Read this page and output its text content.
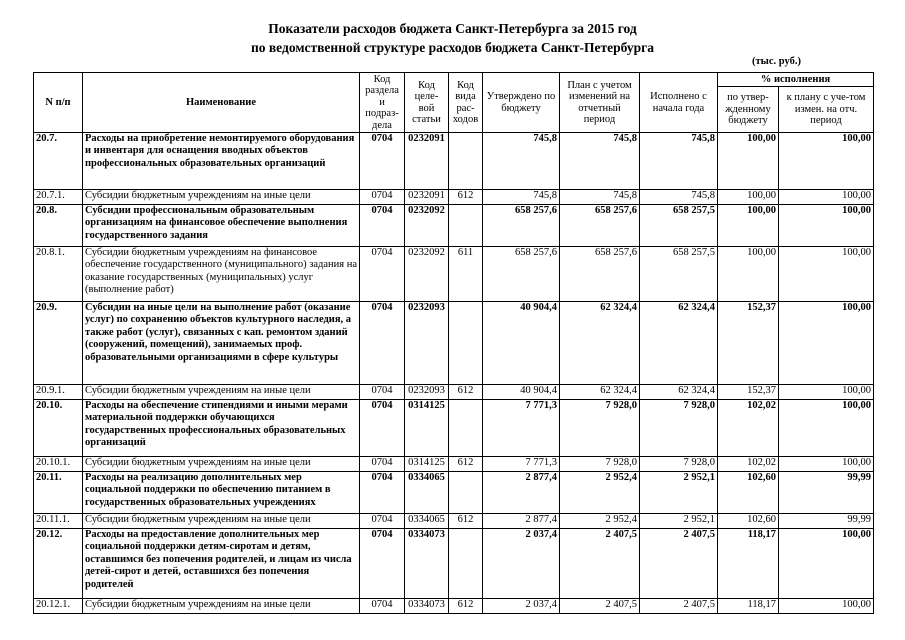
Показатели расходов бюджета Санкт-Петербурга за 2015 год
по ведомственной структуре расходов бюджета Санкт-Петербурга
(тыс. руб.)
N п/п	Наименование	Код раздела и подраз-дела	Код целе-вой статьи	Код вида рас-ходов	Утверждено по бюджету	План с учетом изменений на отчетный период	Исполнено с начала года	% исполнения	
								по утвер-жденному бюджету	к плану с уче-том измен. на отч. период
20.7.	Расходы на приобретение немонтируемого оборудования и инвентаря для оснащения вводных объектов профессиональных образовательных организаций	0704	0232091		745,8	745,8	745,8	100,00	100,00
20.7.1.	Субсидии бюджетным учреждениям на иные цели	0704	0232091	612	745,8	745,8	745,8	100,00	100,00
20.8.	Субсидии профессиональным образовательным организациям на финансовое обеспечение выполнения государственного задания	0704	0232092		658 257,6	658 257,6	658 257,5	100,00	100,00
20.8.1.	Субсидии бюджетным учреждениям на финансовое обеспечение государственного (муниципального) задания на оказание государственных (муниципальных) услуг (выполнение работ)	0704	0232092	611	658 257,6	658 257,6	658 257,5	100,00	100,00
20.9.	Субсидии на иные цели на выполнение работ (оказание услуг) по сохранению объектов культурного наследия, а также работ (услуг), связанных с кап. ремонтом зданий (сооружений, помещений), занимаемых проф. образовательными организациями в сфере культуры	0704	0232093		40 904,4	62 324,4	62 324,4	152,37	100,00
20.9.1.	Субсидии бюджетным учреждениям на иные цели	0704	0232093	612	40 904,4	62 324,4	62 324,4	152,37	100,00
20.10.	Расходы на обеспечение стипендиями и иными мерами материальной поддержки обучающихся государственных профессиональных образовательных организаций	0704	0314125		7 771,3	7 928,0	7 928,0	102,02	100,00
20.10.1.	Субсидии бюджетным учреждениям на иные цели	0704	0314125	612	7 771,3	7 928,0	7 928,0	102,02	100,00
20.11.	Расходы на реализацию дополнительных мер социальной поддержки по обеспечению питанием в государственных образовательных учреждениях	0704	0334065		2 877,4	2 952,4	2 952,1	102,60	99,99
20.11.1.	Субсидии бюджетным учреждениям на иные цели	0704	0334065	612	2 877,4	2 952,4	2 952,1	102,60	99,99
20.12.	Расходы на предоставление дополнительных мер социальной поддержки детям-сиротам и детям, оставшимся без попечения родителей, и лицам из числа детей-сирот и детей, оставшихся без попечения родителей	0704	0334073		2 037,4	2 407,5	2 407,5	118,17	100,00
20.12.1.	Субсидии бюджетным учреждениям на иные цели	0704	0334073	612	2 037,4	2 407,5	2 407,5	118,17	100,00
